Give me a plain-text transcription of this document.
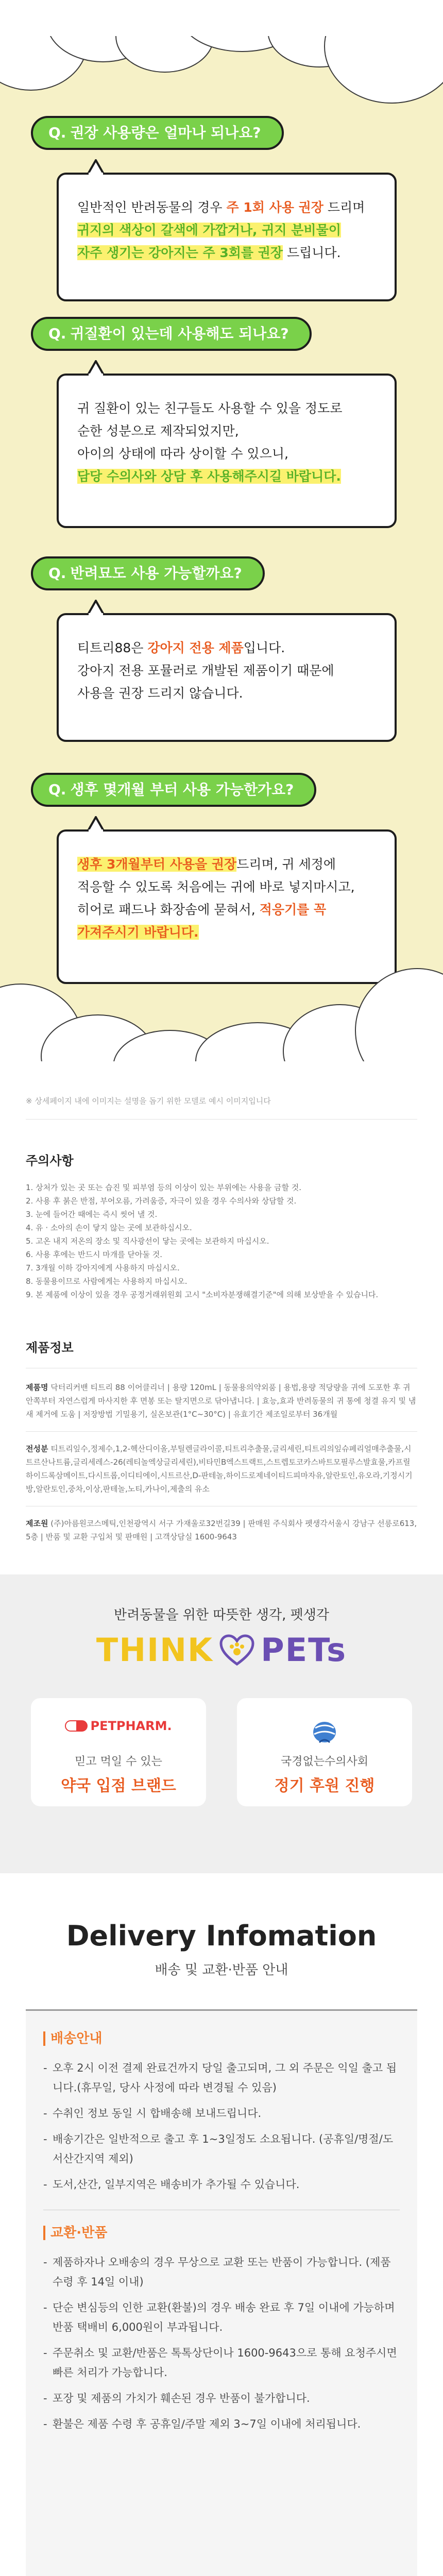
Q. 권장 사용량은 얼마나 되나요?
일반적인 반려동물의 경우 주 1회 사용 권장 드리며
귀지의 색상이 갈색에 가깝거나, 귀지 분비물이
자주 생기는 강아지는 주 3회를 권장 드립니다.
Q. 귀질환이 있는데 사용해도 되나요?
귀 질환이 있는 친구들도 사용할 수 있을 정도로
순한 성분으로 제작되었지만,
아이의 상태에 따라 상이할 수 있으니,
담당 수의사와 상담 후 사용해주시길 바랍니다.
Q. 반려묘도 사용 가능할까요?
티트리88은 강아지 전용 제품입니다.
강아지 전용 포뮬러로 개발된 제품이기 때문에
사용을 권장 드리지 않습니다.
Q. 생후 몇개월 부터 사용 가능한가요?
생후 3개월부터 사용을 권장드리며, 귀 세정에
적응할 수 있도록 처음에는 귀에 바로 넣지마시고,
히어로 패드나 화장솜에 묻혀서, 적응기를 꼭
가져주시기 바랍니다.
※ 상세페이지 내에 이미지는 설명을 돕기 위한 모델로 예시 이미지입니다
주의사항
1. 상처가 있는 곳 또는 습진 및 피부염 등의 이상이 있는 부위에는 사용을 금할 것.
2. 사용 후 붉은 반점, 부어오름, 가려움증, 자극이 있을 경우 수의사와 상담할 것.
3. 눈에 들어간 때에는 즉시 씻어 낼 것.
4. 유 · 소아의 손이 닿지 않는 곳에 보관하십시오.
5. 고온 내지 저온의 장소 및 직사광선이 닿는 곳에는 보관하지 마십시오.
6. 사용 후에는 반드시 마개를 닫아둘 것.
7. 3개월 이하 강아지에게 사용하지 마십시오.
8. 동물용이므로 사람에게는 사용하지 마십시오.
9. 본 제품에 이상이 있을 경우 공정거래위원회 고시 "소비자분쟁해결기준"에 의해 보상받을 수 있습니다.
제품정보
제품명 닥터리커밴 티트리 88 이어클리너 | 용량 120mL | 동물용의약외품 | 용법,용량 적당량을 귀에 도포한 후 귀 안쪽부터 자연스럽게 마사지한 후 면봉 또는 탈지면으로 닦아냅니다. | 효능,효과 반려동물의 귀 통에 청결 유지 및 냄새 제거에 도움 | 저장방법 기밀용기, 실온보관(1°C~30°C) | 유효기간 제조일로부터 36개월
전성분 티트리잎수,정제수,1,2-헥산디이올,부틸렌글라이콜,티트리추출물,글리세린,티트리의잎슈페리얼매추출물,시트르산나트륨,글리세레스-26(레티놀엑상글리세린),비타민B엑스트랙트,스트렙토코카스바트모필루스발효물,카프릴하이드록삼메이트,다시트롭,이디티에이,시트르산,D-판테놀,하이드로제네이티드피마자유,알란토인,유오라,기정시기방,알란토인,중차,이상,판테놀,노티,카나이,제출의 유소
제조원 (주)아름원코스메틱,인천광역시 서구 가재울로32번길39 | 판매원 주식회사 펫생각서울시 강남구 선릉로613, 5층 | 반품 및 교환 구입처 및 판매원 | 고객상담실 1600-9643
반려동물을 위한 따뜻한 생각, 펫생각
THINK PETs
PETPHARM.
믿고 먹일 수 있는
약국 입점 브랜드
국경없는수의사회
정기 후원 진행
Delivery Infomation
배송 및 교환·반품 안내
배송안내
- 오후 2시 이전 결제 완료건까지 당일 출고되며, 그 외 주문은 익일 출고 됩니다.(휴무일, 당사 사정에 따라 변경될 수 있음)
- 수취인 정보 동일 시 합배송해 보내드립니다.
- 배송기간은 일반적으로 출고 후 1~3일정도 소요됩니다. (공휴일/명절/도서산간지역 제외)
- 도서,산간, 일부지역은 배송비가 추가될 수 있습니다.
교환·반품
- 제품하자나 오배송의 경우 무상으로 교환 또는 반품이 가능합니다. (제품 수령 후 14일 이내)
- 단순 변심등의 인한 교환(환불)의 경우 배송 완료 후 7일 이내에 가능하며 반품 택배비 6,000원이 부과됩니다.
- 주문취소 및 교환/반품은 톡톡상단이나 1600-9643으로 통해 요청주시면 빠른 처리가 가능합니다.
- 포장 및 제품의 가치가 훼손된 경우 반품이 불가합니다.
- 환불은 제품 수령 후 공휴일/주말 제외 3~7일 이내에 처리됩니다.
